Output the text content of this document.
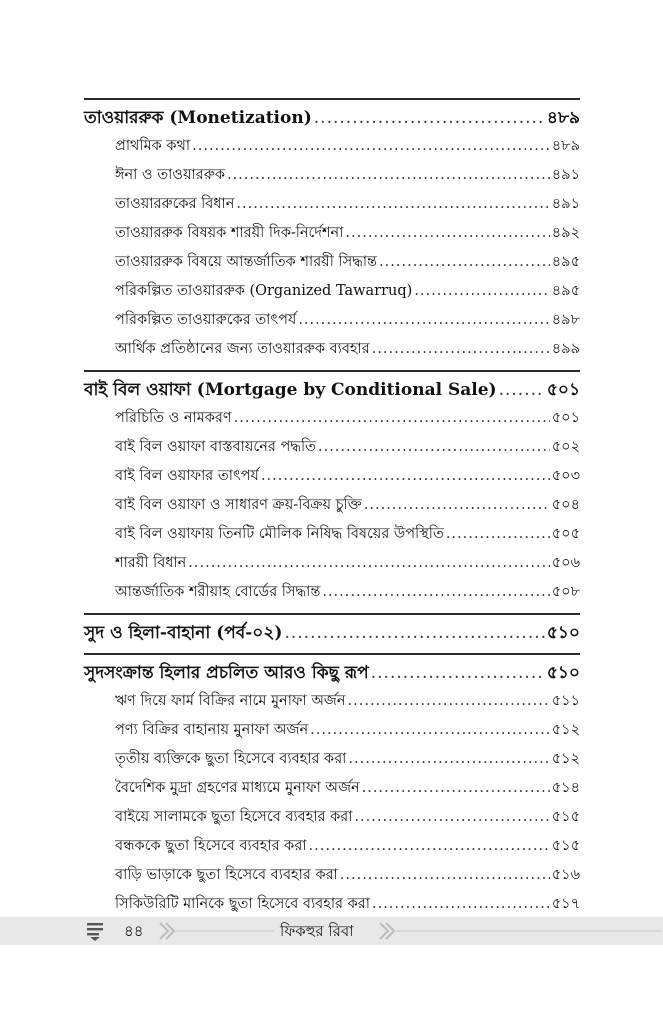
তাওয়াররুক (Monetization) .....	৪৮৯
প্রাথমিক কথা .....	৪৮৯
ঈনা ও তাওয়াররুক .....	৪৯১
তাওয়াররুকের বিধান .....	৪৯১
তাওয়াররুক বিষয়ক শারয়ী দিক-নির্দেশনা .....	৪৯২
তাওয়াররুক বিষয়ে আন্তর্জাতিক শারয়ী সিদ্ধান্ত .....	৪৯৫
পরিকল্পিত তাওয়াররুক (Organized Tawarruq) .....	৪৯৫
পরিকল্পিত তাওয়ারুকের তাৎপর্য .....	৪৯৮
আর্থিক প্রতিষ্ঠানের জন্য তাওয়াররুক ব্যবহার .....	৪৯৯
বাই বিল ওয়াফা (Mortgage by Conditional Sale) .....	৫০১
পরিচিতি ও নামকরণ .....	৫০১
বাই বিল ওয়াফা বাস্তবায়নের পদ্ধতি .....	৫০২
বাই বিল ওয়াফার তাৎপর্য .....	৫০৩
বাই বিল ওয়াফা ও সাধারণ ক্রয়-বিক্রয় চুক্তি .....	৫০৪
বাই বিল ওয়াফায় তিনটি মৌলিক নিষিদ্ধ বিষয়ের উপস্থিতি .....	৫০৫
শারয়ী বিধান .....	৫০৬
আন্তর্জাতিক শরীয়াহ বোর্ডের সিদ্ধান্ত .....	৫০৮
সুদ ও হিলা-বাহানা (পর্ব-০২) .....	৫১০
সুদসংক্রান্ত হিলার প্রচলিত আরও কিছু রূপ .....	৫১০
ঋণ দিয়ে ফার্ম বিক্রির নামে মুনাফা অর্জন .....	৫১১
পণ্য বিক্রির বাহানায় মুনাফা অর্জন .....	৫১২
তৃতীয় ব্যক্তিকে ছুতা হিসেবে ব্যবহার করা .....	৫১২
বৈদেশিক মুদ্রা গ্রহণের মাধ্যমে মুনাফা অর্জন .....	৫১৪
বাইয়ে সালামকে ছুতা হিসেবে ব্যবহার করা .....	৫১৫
বন্ধককে ছুতা হিসেবে ব্যবহার করা .....	৫১৫
বাড়ি ভাড়াকে ছুতা হিসেবে ব্যবহার করা .....	৫১৬
সিকিউরিটি মানিকে ছুতা হিসেবে ব্যবহার করা .....	৫১৭
৪৪	ফিকহুর রিবা
